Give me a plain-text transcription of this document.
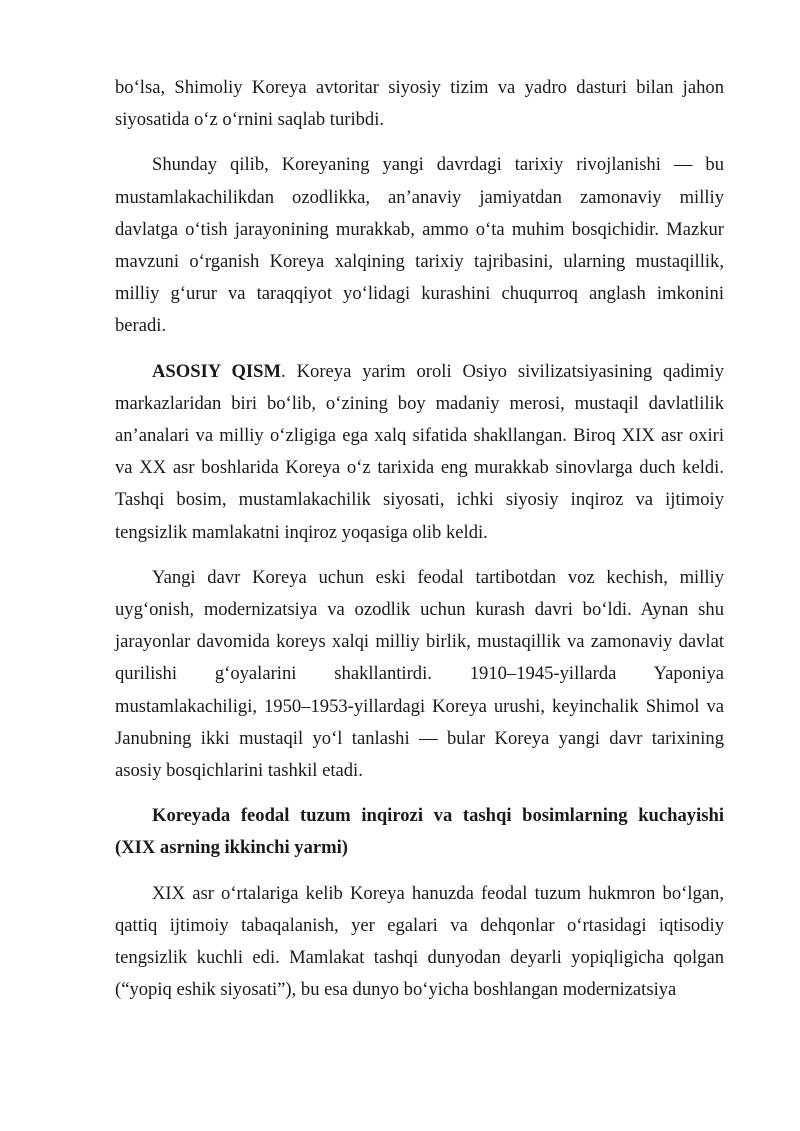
bo‘lsa, Shimoliy Koreya avtoritar siyosiy tizim va yadro dasturi bilan jahon siyosatida o‘z o‘rnini saqlab turibdi.

Shunday qilib, Koreyaning yangi davrdagi tarixiy rivojlanishi — bu mustamlakachilikdan ozodlikka, an’anaviy jamiyatdan zamonaviy milliy davlatga o‘tish jarayonining murakkab, ammo o‘ta muhim bosqichidir. Mazkur mavzuni o‘rganish Koreya xalqining tarixiy tajribasini, ularning mustaqillik, milliy g‘urur va taraqqiyot yo‘lidagi kurashini chuqurroq anglash imkonini beradi.

ASOSIY QISM. Koreya yarim oroli Osiyo sivilizatsiyasining qadimiy markazlaridan biri bo‘lib, o‘zining boy madaniy merosi, mustaqil davlatlilik an’analari va milliy o‘zligiga ega xalq sifatida shakllangan. Biroq XIX asr oxiri va XX asr boshlarida Koreya o‘z tarixida eng murakkab sinovlarga duch keldi. Tashqi bosim, mustamlakachilik siyosati, ichki siyosiy inqiroz va ijtimoiy tengsizlik mamlakatni inqiroz yoqasiga olib keldi.

Yangi davr Koreya uchun eski feodal tartibotdan voz kechish, milliy uyg‘onish, modernizatsiya va ozodlik uchun kurash davri bo‘ldi. Aynan shu jarayonlar davomida koreys xalqi milliy birlik, mustaqillik va zamonaviy davlat qurilishi g‘oyalarini shakllantirdi. 1910–1945-yillarda Yaponiya mustamlakachiligi, 1950–1953-yillardagi Koreya urushi, keyinchalik Shimol va Janubning ikki mustaqil yo‘l tanlashi — bular Koreya yangi davr tarixining asosiy bosqichlarini tashkil etadi.

Koreyada feodal tuzum inqirozi va tashqi bosimlarning kuchayishi (XIX asrning ikkinchi yarmi)

XIX asr o‘rtalariga kelib Koreya hanuzda feodal tuzum hukmron bo‘lgan, qattiq ijtimoiy tabaqalanish, yer egalari va dehqonlar o‘rtasidagi iqtisodiy tengsizlik kuchli edi. Mamlakat tashqi dunyodan deyarli yopiqligicha qolgan (“yopiq eshik siyosati”), bu esa dunyo bo‘yicha boshlangan modernizatsiya
